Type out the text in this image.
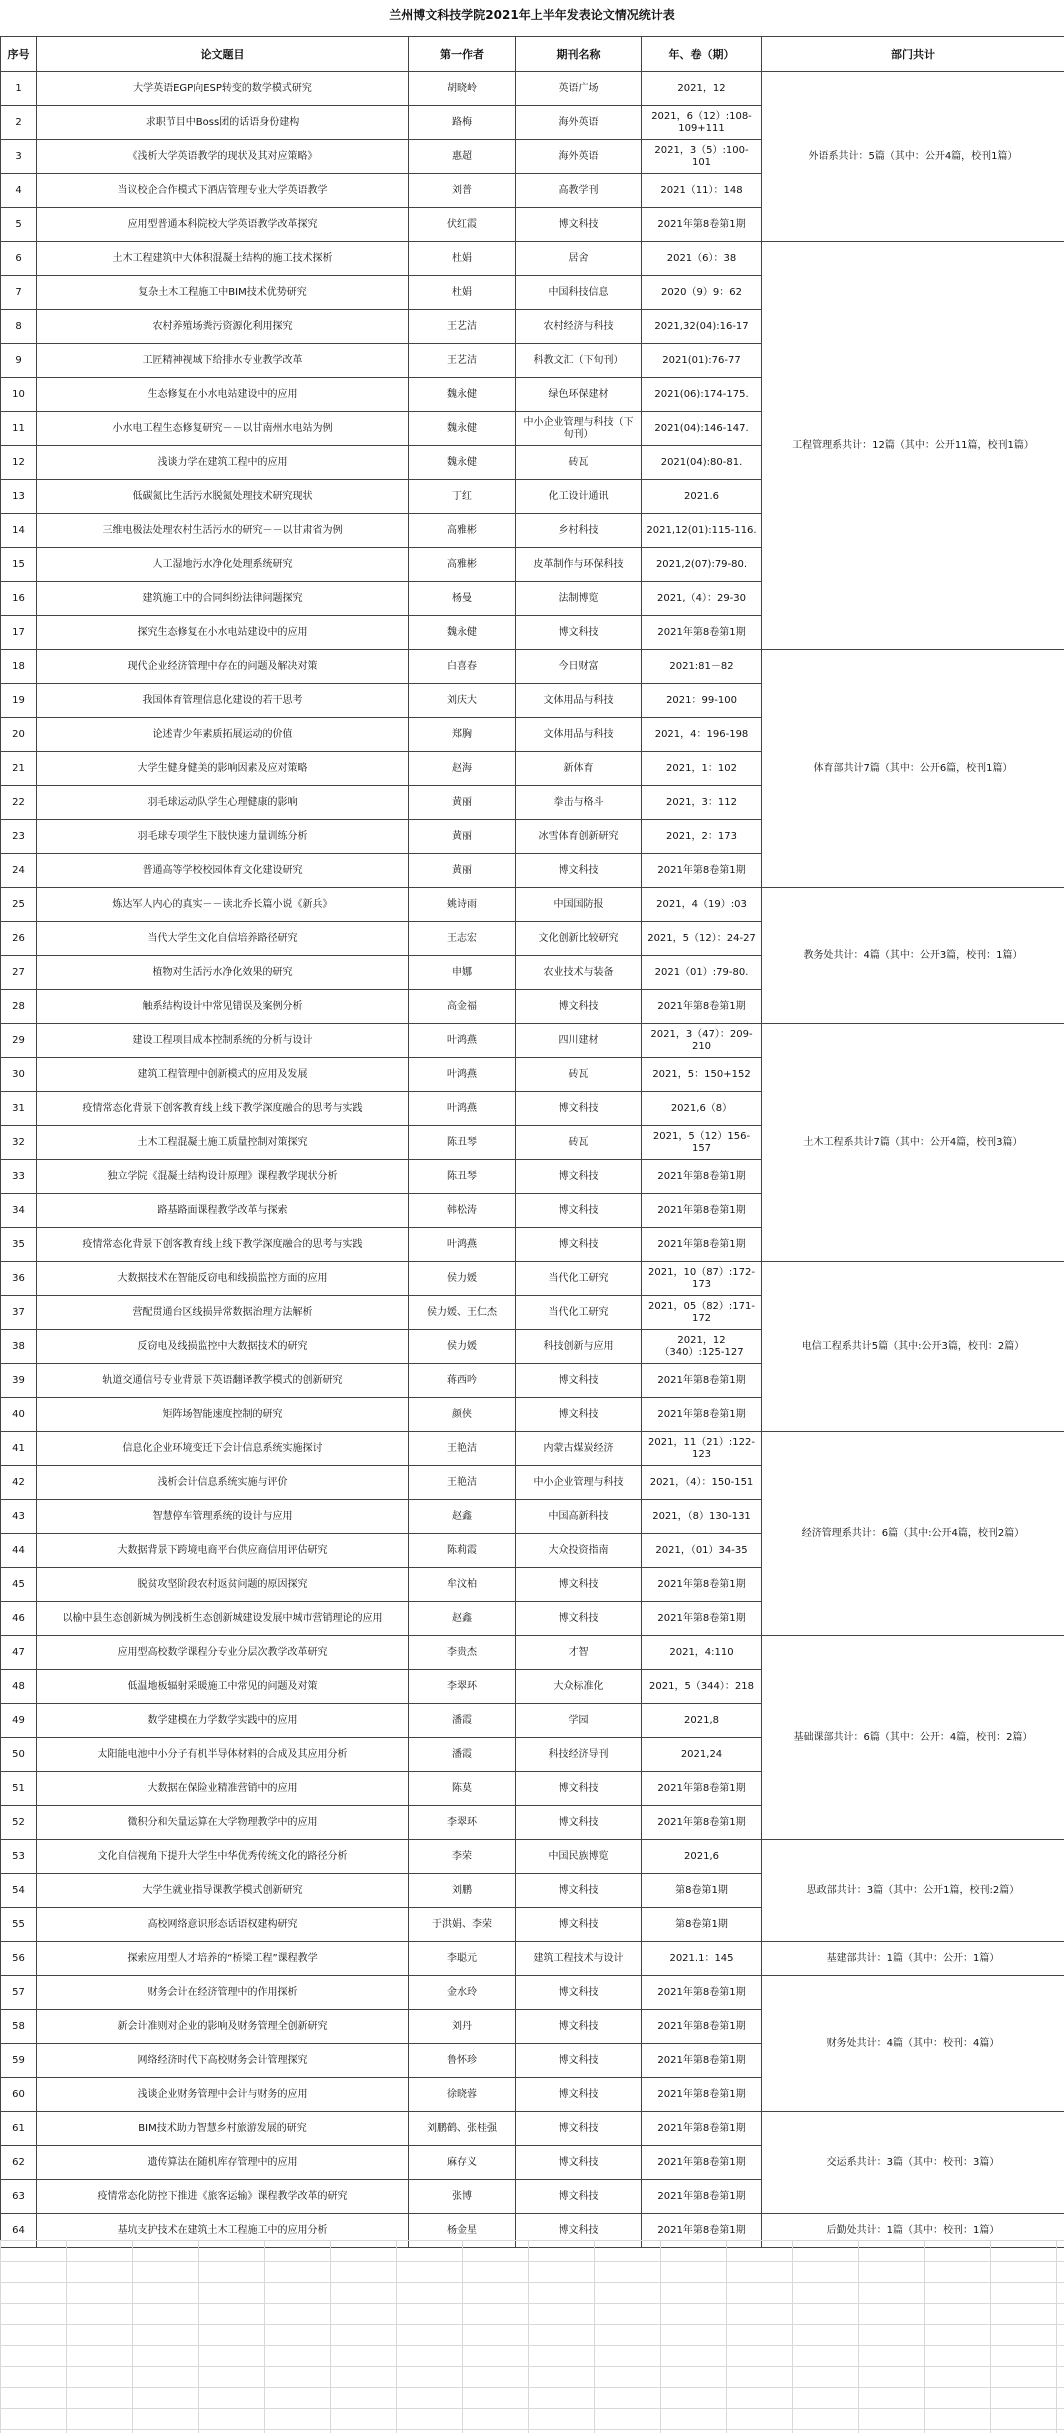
兰州博文科技学院2021年上半年发表论文情况统计表
序号	论文题目	第一作者	期刊名称	年、卷（期）	部门共计
1	大学英语EGP向ESP转变的数学模式研究	胡晓岭	英语广场	2021，12	外语系共计：5篇（其中：公开4篇，校刊1篇）
2	求职节目中Boss团的话语身份建构	路梅	海外英语	2021，6（12）:108-109+111	
3	《浅析大学英语教学的现状及其对应策略》	惠超	海外英语	2021，3（5）:100-101	
4	当议校企合作模式下酒店管理专业大学英语教学	刘普	高教学刊	2021（11）：148	
5	应用型普通本科院校大学英语教学改革探究	伏红霞	博文科技	2021年第8卷第1期	
6	土木工程建筑中大体积混凝土结构的施工技术探析	杜娟	居舍	2021（6）：38	工程管理系共计：12篇（其中：公开11篇，校刊1篇）
7	复杂土木工程施工中BIM技术优势研究	杜娟	中国科技信息	2020（9）9：62	
8	农村养殖场粪污资源化利用探究	王艺洁	农村经济与科技	2021,32(04):16-17	
9	工匠精神视域下给排水专业教学改革	王艺洁	科教文汇（下旬刊）	2021(01):76-77	
10	生态修复在小水电站建设中的应用	魏永健	绿色环保建材	2021(06):174-175.	
11	小水电工程生态修复研究－－以甘南州水电站为例	魏永健	中小企业管理与科技（下旬刊）	2021(04):146-147.	
12	浅谈力学在建筑工程中的应用	魏永健	砖瓦	2021(04):80-81.	
13	低碳氮比生活污水脱氮处理技术研究现状	丁红	化工设计通讯	2021.6	
14	三维电极法处理农村生活污水的研究－－以甘肃省为例	高雅彬	乡村科技	2021,12(01):115-116.	
15	人工湿地污水净化处理系统研究	高雅彬	皮革制作与环保科技	2021,2(07):79-80.	
16	建筑施工中的合同纠纷法律问题探究	杨曼	法制博览	2021,（4）：29-30	
17	探究生态修复在小水电站建设中的应用	魏永健	博文科技	2021年第8卷第1期	
18	现代企业经济管理中存在的问题及解决对策	白喜春	今日财富	2021:81－82	体育部共计7篇（其中：公开6篇，校刊1篇）
19	我国体育管理信息化建设的若干思考	刘庆大	文体用品与科技	2021：99-100	
20	论述青少年素质拓展运动的价值	郑胸	文体用品与科技	2021，4：196-198	
21	大学生健身健美的影响因素及应对策略	赵海	新体育	2021，1：102	
22	羽毛球运动队学生心理健康的影响	黄丽	拳击与格斗	2021，3：112	
23	羽毛球专项学生下肢快速力量训练分析	黄丽	冰雪体育创新研究	2021，2：173	
24	普通高等学校校园体育文化建设研究	黄丽	博文科技	2021年第8卷第1期	
25	炼达军人内心的真实－－读北乔长篇小说《新兵》	姚诗雨	中国国防报	2021，4（19）:03	教务处共计：4篇（其中：公开3篇，校刊：1篇）
26	当代大学生文化自信培养路径研究	王志宏	文化创新比较研究	2021，5（12）：24-27	
27	植物对生活污水净化效果的研究	申娜	农业技术与装备	2021（01）:79-80.	
28	触系结构设计中常见错误及案例分析	高金福	博文科技	2021年第8卷第1期	
29	建设工程项目成本控制系统的分析与设计	叶鸿燕	四川建材	2021，3（47）：209-210	土木工程系共计7篇（其中：公开4篇，校刊3篇）
30	建筑工程管理中创新模式的应用及发展	叶鸿燕	砖瓦	2021，5：150+152	
31	疫情常态化背景下创客教育线上线下教学深度融合的思考与实践	叶鸿燕	博文科技	2021,6（8）	
32	土木工程混凝土施工质量控制对策探究	陈丑琴	砖瓦	2021，5（12）156-157	
33	独立学院《混凝土结构设计原理》课程教学现状分析	陈丑琴	博文科技	2021年第8卷第1期	
34	路基路面课程教学改革与探索	韩松涛	博文科技	2021年第8卷第1期	
35	疫情常态化背景下创客教育线上线下教学深度融合的思考与实践	叶鸿燕	博文科技	2021年第8卷第1期	
36	大数据技术在智能反窃电和线损监控方面的应用	侯力媛	当代化工研究	2021，10（87）:172-173	电信工程系共计5篇（其中:公开3篇，校刊：2篇）
37	营配贯通台区线损异常数据治理方法解析	侯力媛、王仁杰	当代化工研究	2021，05（82）:171-172	
38	反窃电及线损监控中大数据技术的研究	侯力媛	科技创新与应用	2021，12（340）:125-127	
39	轨道交通信号专业背景下英语翻译教学模式的创新研究	蒋西吟	博文科技	2021年第8卷第1期	
40	矩阵场智能速度控制的研究	颜侠	博文科技	2021年第8卷第1期	
41	信息化企业环境变迁下会计信息系统实施探讨	王艳洁	内蒙古煤炭经济	2021，11（21）:122-123	经济管理系共计：6篇（其中:公开4篇，校刊2篇）
42	浅析会计信息系统实施与评价	王艳洁	中小企业管理与科技	2021，（4）：150-151	
43	智慧停车管理系统的设计与应用	赵鑫	中国高新科技	2021，（8）130-131	
44	大数据背景下跨境电商平台供应商信用评估研究	陈莉霞	大众投资指南	2021，（01）34-35	
45	脱贫攻坚阶段农村返贫问题的原因探究	牟汶柏	博文科技	2021年第8卷第1期	
46	以榆中县生态创新城为例浅析生态创新城建设发展中城市营销理论的应用	赵鑫	博文科技	2021年第8卷第1期	
47	应用型高校数学课程分专业分层次教学改革研究	李贵杰	才智	2021，4:110	基础课部共计：6篇（其中：公开：4篇，校刊：2篇）
48	低温地板辐射采暖施工中常见的问题及对策	李翠环	大众标准化	2021，5（344）：218	
49	数学建模在力学数学实践中的应用	潘霞	学园	2021,8	
50	太阳能电池中小分子有机半导体材料的合成及其应用分析	潘霞	科技经济导刊	2021,24	
51	大数据在保险业精准营销中的应用	陈莫	博文科技	2021年第8卷第1期	
52	微积分和矢量运算在大学物理教学中的应用	李翠环	博文科技	2021年第8卷第1期	
53	文化自信视角下提升大学生中华优秀传统文化的路径分析	李荣	中国民族博览	2021,6	思政部共计：3篇（其中：公开1篇，校刊:2篇）
54	大学生就业指导课教学模式创新研究	刘鹏	博文科技	第8卷第1期	
55	高校网络意识形态话语权建构研究	于洪娟、李荣	博文科技	第8卷第1期	
56	探索应用型人才培养的“桥梁工程”课程教学	李聪元	建筑工程技术与设计	2021.1：145	基建部共计：1篇（其中：公开：1篇）
57	财务会计在经济管理中的作用探析	金水玲	博文科技	2021年第8卷第1期	财务处共计：4篇（其中：校刊：4篇）
58	新会计准则对企业的影响及财务管理全创新研究	刘丹	博文科技	2021年第8卷第1期	
59	网络经济时代下高校财务会计管理探究	鲁怀珍	博文科技	2021年第8卷第1期	
60	浅谈企业财务管理中会计与财务的应用	徐晓蓉	博文科技	2021年第8卷第1期	
61	BIM技术助力智慧乡村旅游发展的研究	刘鹏鹤、张桂强	博文科技	2021年第8卷第1期	交运系共计：3篇（其中：校刊：3篇）
62	遗传算法在随机库存管理中的应用	麻存义	博文科技	2021年第8卷第1期	
63	疫情常态化防控下推进《旅客运输》课程教学改革的研究	张博	博文科技	2021年第8卷第1期	
64	基坑支护技术在建筑土木工程施工中的应用分析	杨金星	博文科技	2021年第8卷第1期	后勤处共计：1篇（其中：校刊：1篇）
